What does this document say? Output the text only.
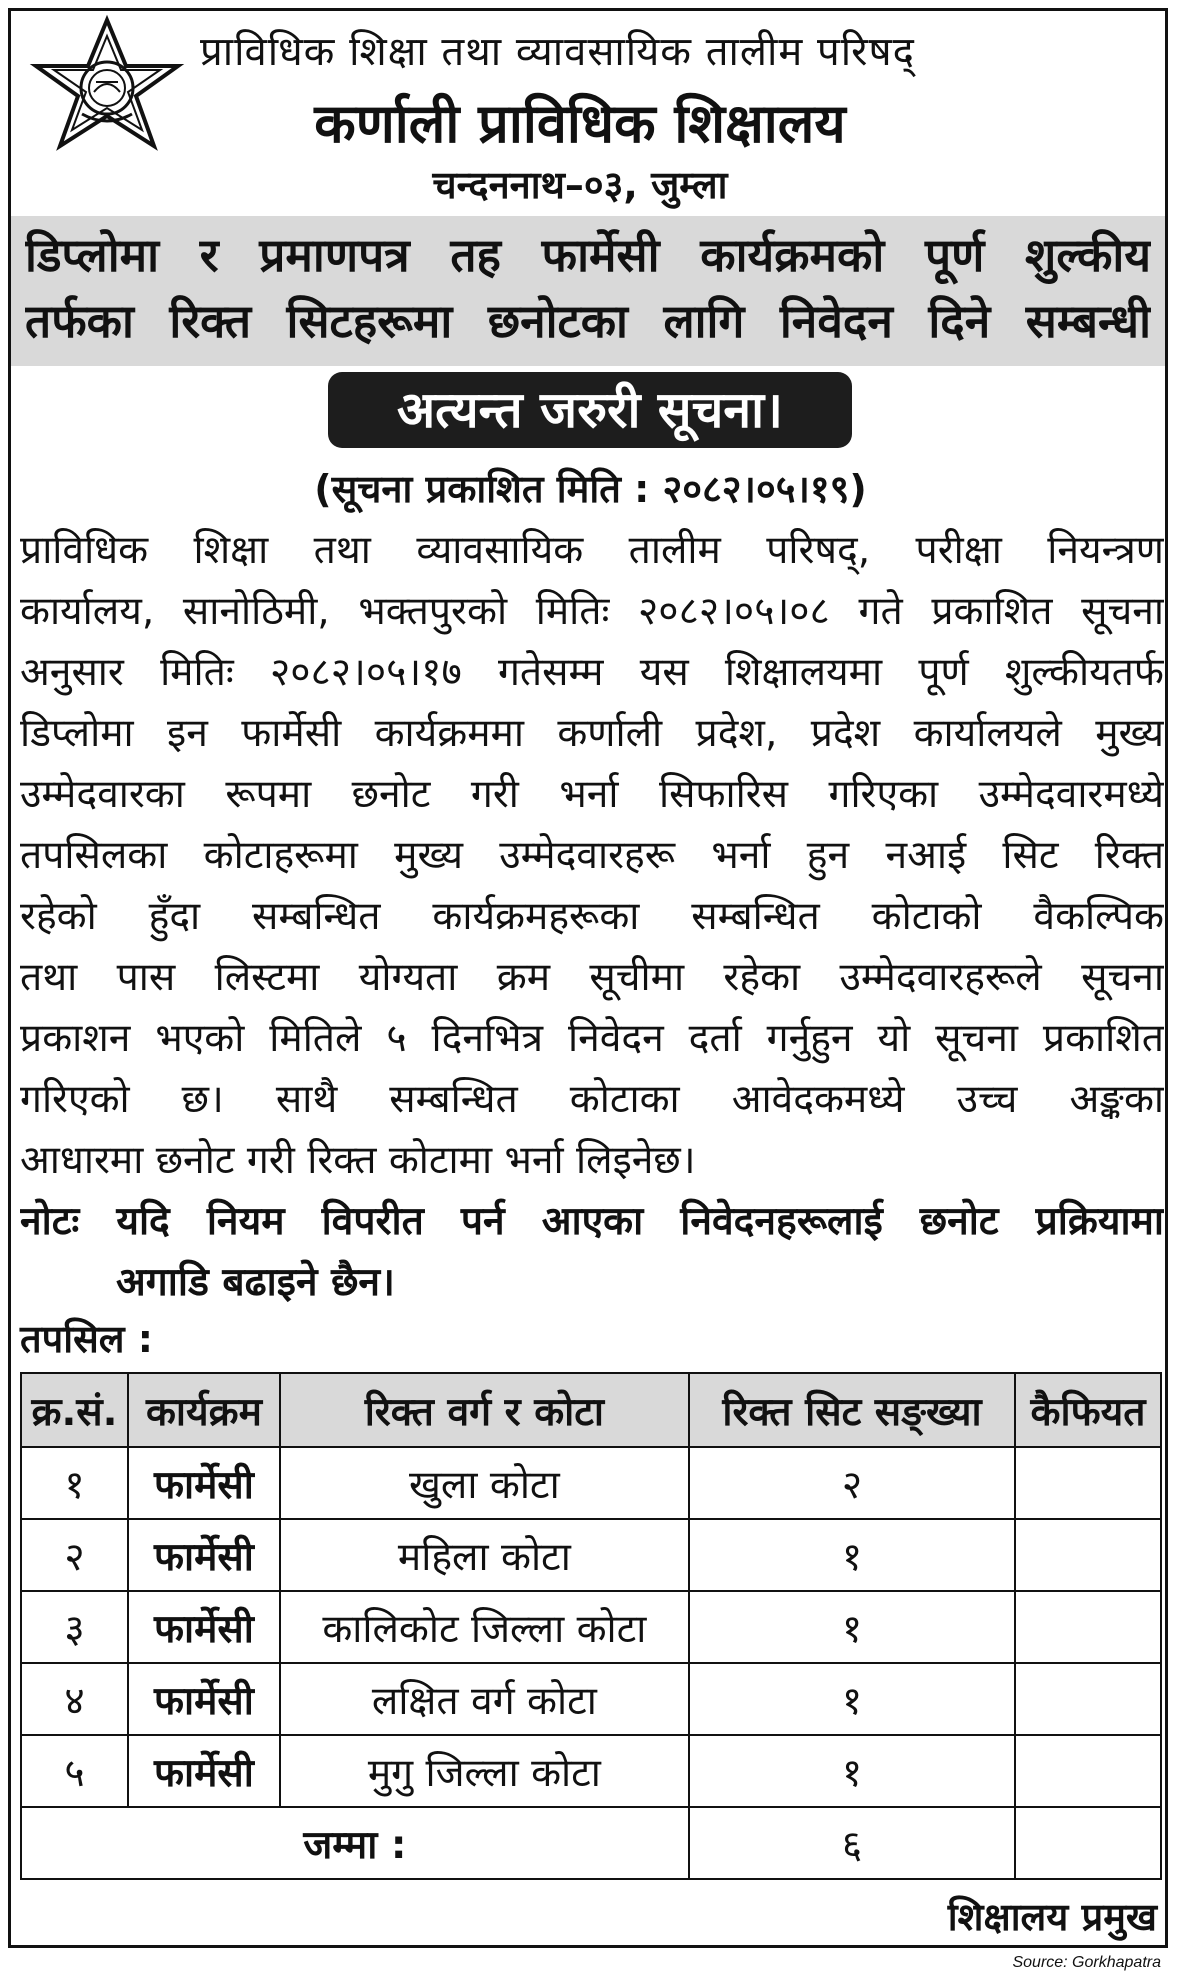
प्राविधिक शिक्षा तथा व्यावसायिक तालीम परिषद्
कर्णाली प्राविधिक शिक्षालय
चन्दननाथ–०३, जुम्ला
डिप्लोमा र प्रमाणपत्र तह फार्मेसी कार्यक्रमको पूर्ण शुल्कीय
तर्फका रिक्त सिटहरूमा छनोटका लागि निवेदन दिने सम्बन्धी
अत्यन्त जरुरी सूचना।
(सूचना प्रकाशित मिति : २०८२।०५।१९)
प्राविधिक शिक्षा तथा व्यावसायिक तालीम परिषद्, परीक्षा नियन्त्रण
कार्यालय, सानोठिमी, भक्तपुरको मितिः २०८२।०५।०८ गते प्रकाशित सूचना
अनुसार मितिः २०८२।०५।१७ गतेसम्म यस शिक्षालयमा पूर्ण शुल्कीयतर्फ
डिप्लोमा इन फार्मेसी कार्यक्रममा कर्णाली प्रदेश, प्रदेश कार्यालयले मुख्य
उम्मेदवारका रूपमा छनोट गरी भर्ना सिफारिस गरिएका उम्मेदवारमध्ये
तपसिलका कोटाहरूमा मुख्य उम्मेदवारहरू भर्ना हुन नआई सिट रिक्त
रहेको हुँदा सम्बन्धित कार्यक्रमहरूका सम्बन्धित कोटाको वैकल्पिक
तथा पास लिस्टमा योग्यता क्रम सूचीमा रहेका उम्मेदवारहरूले सूचना
प्रकाशन भएको मितिले ५ दिनभित्र निवेदन दर्ता गर्नुहुन यो सूचना प्रकाशित
गरिएको छ। साथै सम्बन्धित कोटाका आवेदकमध्ये उच्च अङ्कका
आधारमा छनोट गरी रिक्त कोटामा भर्ना लिइनेछ।
नोटः यदि नियम विपरीत पर्न आएका निवेदनहरूलाई छनोट प्रक्रियामा
अगाडि बढाइने छैन।
तपसिल :
क्र.सं.	कार्यक्रम	रिक्त वर्ग र कोटा	रिक्त सिट सङ्ख्या	कैफियत
१	फार्मेसी	खुला कोटा	२	
२	फार्मेसी	महिला कोटा	१	
३	फार्मेसी	कालिकोट जिल्ला कोटा	१	
४	फार्मेसी	लक्षित वर्ग कोटा	१	
५	फार्मेसी	मुगु जिल्ला कोटा	१	
जम्मा :			६	
शिक्षालय प्रमुख
Source: Gorkhapatra
